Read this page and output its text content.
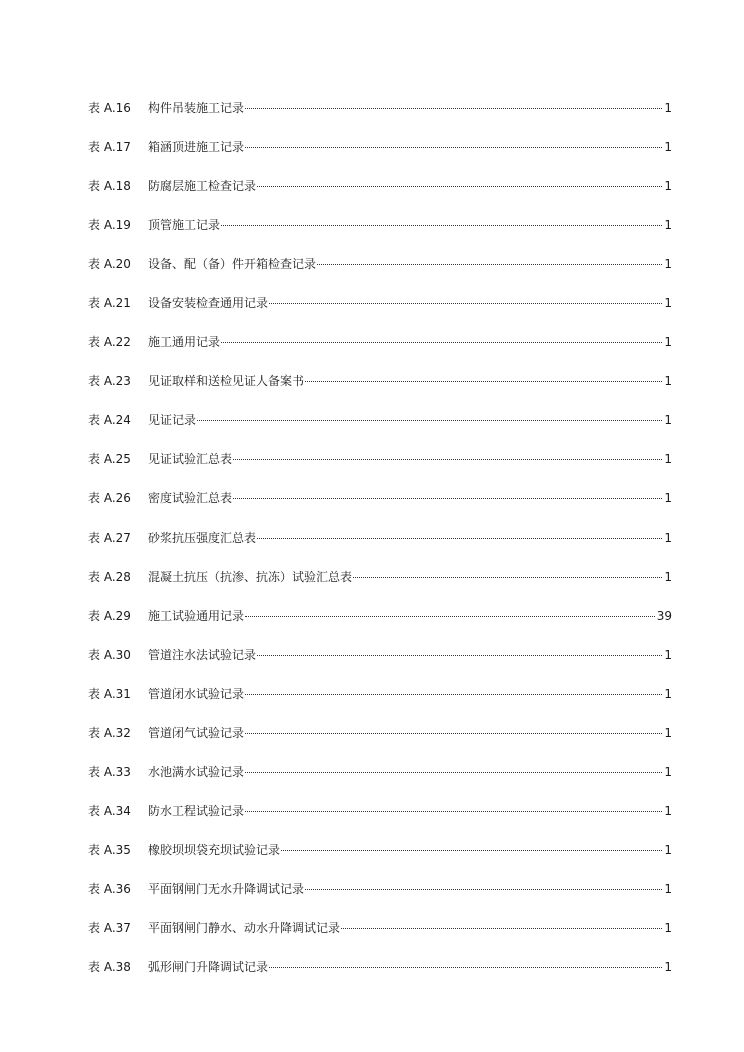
表 A.16	构件吊装施工记录	1
表 A.17	箱涵顶进施工记录	1
表 A.18	防腐层施工检查记录	1
表 A.19	顶管施工记录	1
表 A.20	设备、配（备）件开箱检查记录	1
表 A.21	设备安装检查通用记录	1
表 A.22	施工通用记录	1
表 A.23	见证取样和送检见证人备案书	1
表 A.24	见证记录	1
表 A.25	见证试验汇总表	1
表 A.26	密度试验汇总表	1
表 A.27	砂浆抗压强度汇总表	1
表 A.28	混凝土抗压（抗渗、抗冻）试验汇总表	1
表 A.29	施工试验通用记录	39
表 A.30	管道注水法试验记录	1
表 A.31	管道闭水试验记录	1
表 A.32	管道闭气试验记录	1
表 A.33	水池满水试验记录	1
表 A.34	防水工程试验记录	1
表 A.35	橡胶坝坝袋充坝试验记录	1
表 A.36	平面钢闸门无水升降调试记录	1
表 A.37	平面钢闸门静水、动水升降调试记录	1
表 A.38	弧形闸门升降调试记录	1
